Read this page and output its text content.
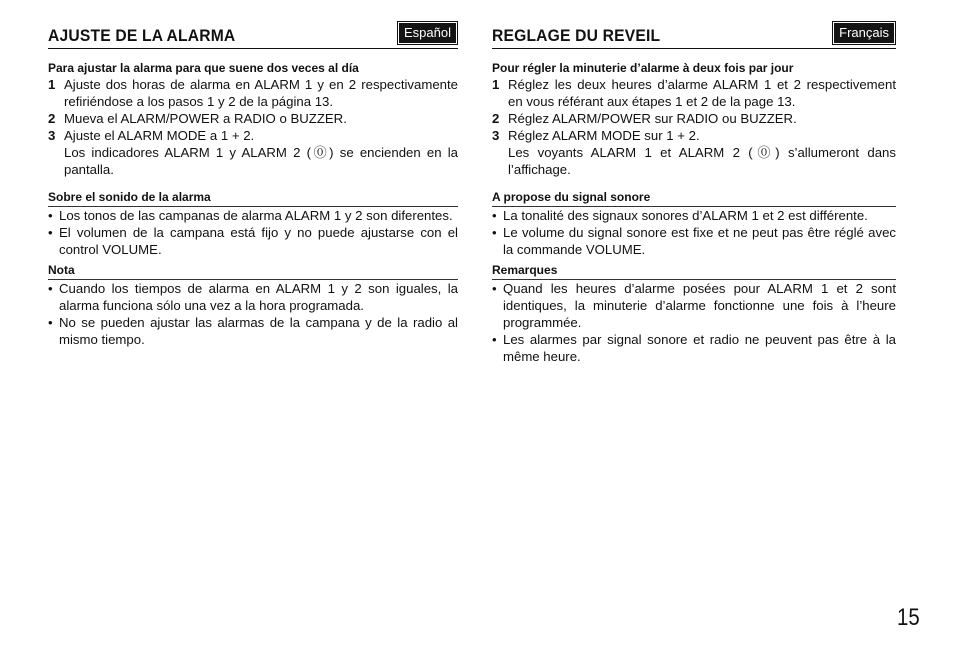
AJUSTE DE LA ALARMA	Español
Para ajustar la alarma para que suene dos veces al día
1 Ajuste dos horas de alarma en ALARM 1 y en 2 respectivamente refiriéndose a los pasos 1 y 2 de la página 13.
2 Mueva el ALARM/POWER a RADIO o BUZZER.
3 Ajuste el ALARM MODE a 1 + 2.
Los indicadores ALARM 1 y ALARM 2 (⓪) se encienden en la pantalla.
Sobre el sonido de la alarma
• Los tonos de las campanas de alarma ALARM 1 y 2 son diferentes.
• El volumen de la campana está fijo y no puede ajustarse con el control VOLUME.
Nota
• Cuando los tiempos de alarma en ALARM 1 y 2 son iguales, la alarma funciona sólo una vez a la hora programada.
• No se pueden ajustar las alarmas de la campana y de la radio al mismo tiempo.
REGLAGE DU REVEIL	Français
Pour régler la minuterie d’alarme à deux fois par jour
1 Réglez les deux heures d’alarme ALARM 1 et 2 respectivement en vous référant aux étapes 1 et 2 de la page 13.
2 Réglez ALARM/POWER sur RADIO ou BUZZER.
3 Réglez ALARM MODE sur 1 + 2.
Les voyants ALARM 1 et ALARM 2 (⓪) s’allumeront dans l’affichage.
A propose du signal sonore
• La tonalité des signaux sonores d’ALARM 1 et 2 est différente.
• Le volume du signal sonore est fixe et ne peut pas être réglé avec la commande VOLUME.
Remarques
• Quand les heures d’alarme posées pour ALARM 1 et 2 sont identiques, la minuterie d’alarme fonctionne une fois à l’heure programmée.
• Les alarmes par signal sonore et radio ne peuvent pas être à la même heure.
15
